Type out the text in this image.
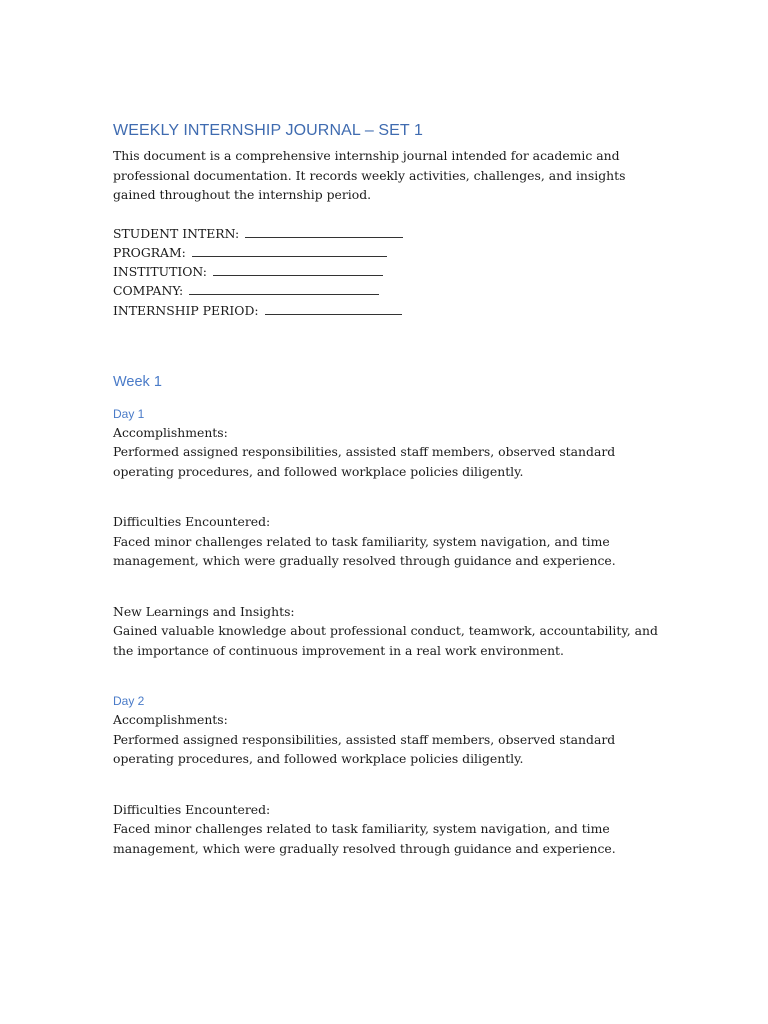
WEEKLY INTERNSHIP JOURNAL – SET 1

This document is a comprehensive internship journal intended for academic and professional documentation. It records weekly activities, challenges, and insights gained throughout the internship period.

STUDENT INTERN:
PROGRAM:
INSTITUTION:
COMPANY:
INTERNSHIP PERIOD:
Week 1
Day 1
Accomplishments:

Performed assigned responsibilities, assisted staff members, observed standard operating procedures, and followed workplace policies diligently.

Difficulties Encountered:

Faced minor challenges related to task familiarity, system navigation, and time management, which were gradually resolved through guidance and experience.

New Learnings and Insights:

Gained valuable knowledge about professional conduct, teamwork, accountability, and the importance of continuous improvement in a real work environment.

Day 2
Accomplishments:

Performed assigned responsibilities, assisted staff members, observed standard operating procedures, and followed workplace policies diligently.

Difficulties Encountered:

Faced minor challenges related to task familiarity, system navigation, and time management, which were gradually resolved through guidance and experience.
